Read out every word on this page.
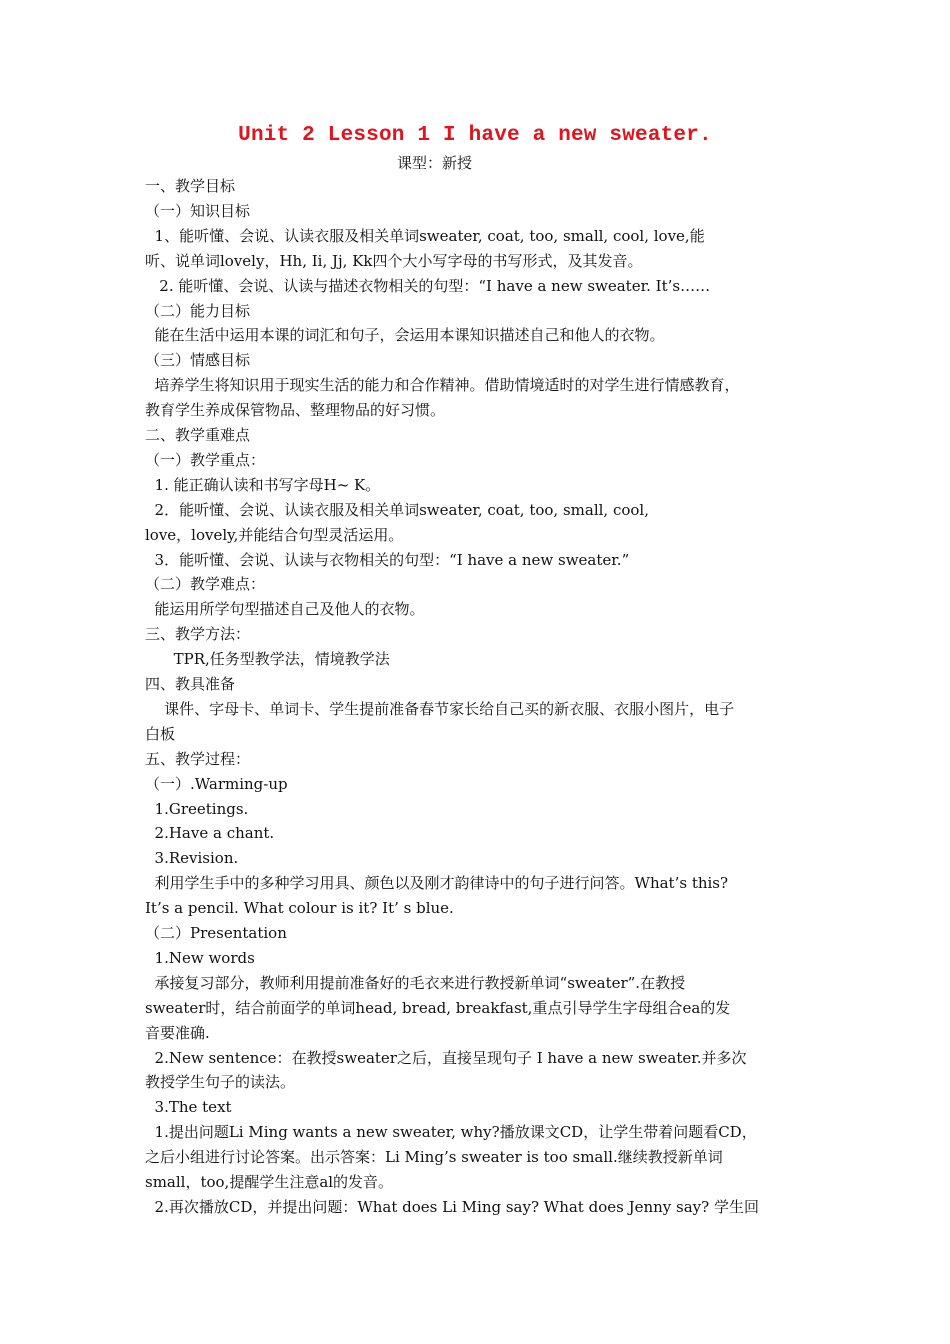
Unit 2 Lesson 1 I have a new sweater.
课型：新授
一、教学目标
（一）知识目标
1、能听懂、会说、认读衣服及相关单词sweater, coat, too, small, cool, love,能
听、说单词lovely，Hh, Ii, Jj, Kk四个大小写字母的书写形式，及其发音。
2. 能听懂、会说、认读与描述衣物相关的句型：“I have a new sweater. It’s……
（二）能力目标
能在生活中运用本课的词汇和句子，会运用本课知识描述自己和他人的衣物。
（三）情感目标
培养学生将知识用于现实生活的能力和合作精神。借助情境适时的对学生进行情感教育，
教育学生养成保管物品、整理物品的好习惯。
二、教学重难点
（一）教学重点：
1. 能正确认读和书写字母H~ K。
2．能听懂、会说、认读衣服及相关单词sweater, coat, too, small, cool,
love，lovely,并能结合句型灵活运用。
3．能听懂、会说、认读与衣物相关的句型：“I have a new sweater.”
（二）教学难点：
能运用所学句型描述自己及他人的衣物。
三、教学方法：
TPR,任务型教学法，情境教学法
四、教具准备
课件、字母卡、单词卡、学生提前准备春节家长给自己买的新衣服、衣服小图片，电子
白板
五、教学过程：
（一）.Warming-up
1.Greetings.
2.Have a chant.
3.Revision.
利用学生手中的多种学习用具、颜色以及刚才韵律诗中的句子进行问答。What’s this?
It’s a pencil. What colour is it? It’ s blue.
（二）Presentation
1.New words
承接复习部分，教师利用提前准备好的毛衣来进行教授新单词“sweater”.在教授
sweater时，结合前面学的单词head, bread, breakfast,重点引导学生字母组合ea的发
音要准确.
2.New sentence：在教授sweater之后，直接呈现句子 I have a new sweater.并多次
教授学生句子的读法。
3.The text
1.提出问题Li Ming wants a new sweater, why?播放课文CD，让学生带着问题看CD，
之后小组进行讨论答案。出示答案：Li Ming’s sweater is too small.继续教授新单词
small，too,提醒学生注意al的发音。
2.再次播放CD，并提出问题：What does Li Ming say? What does Jenny say? 学生回
